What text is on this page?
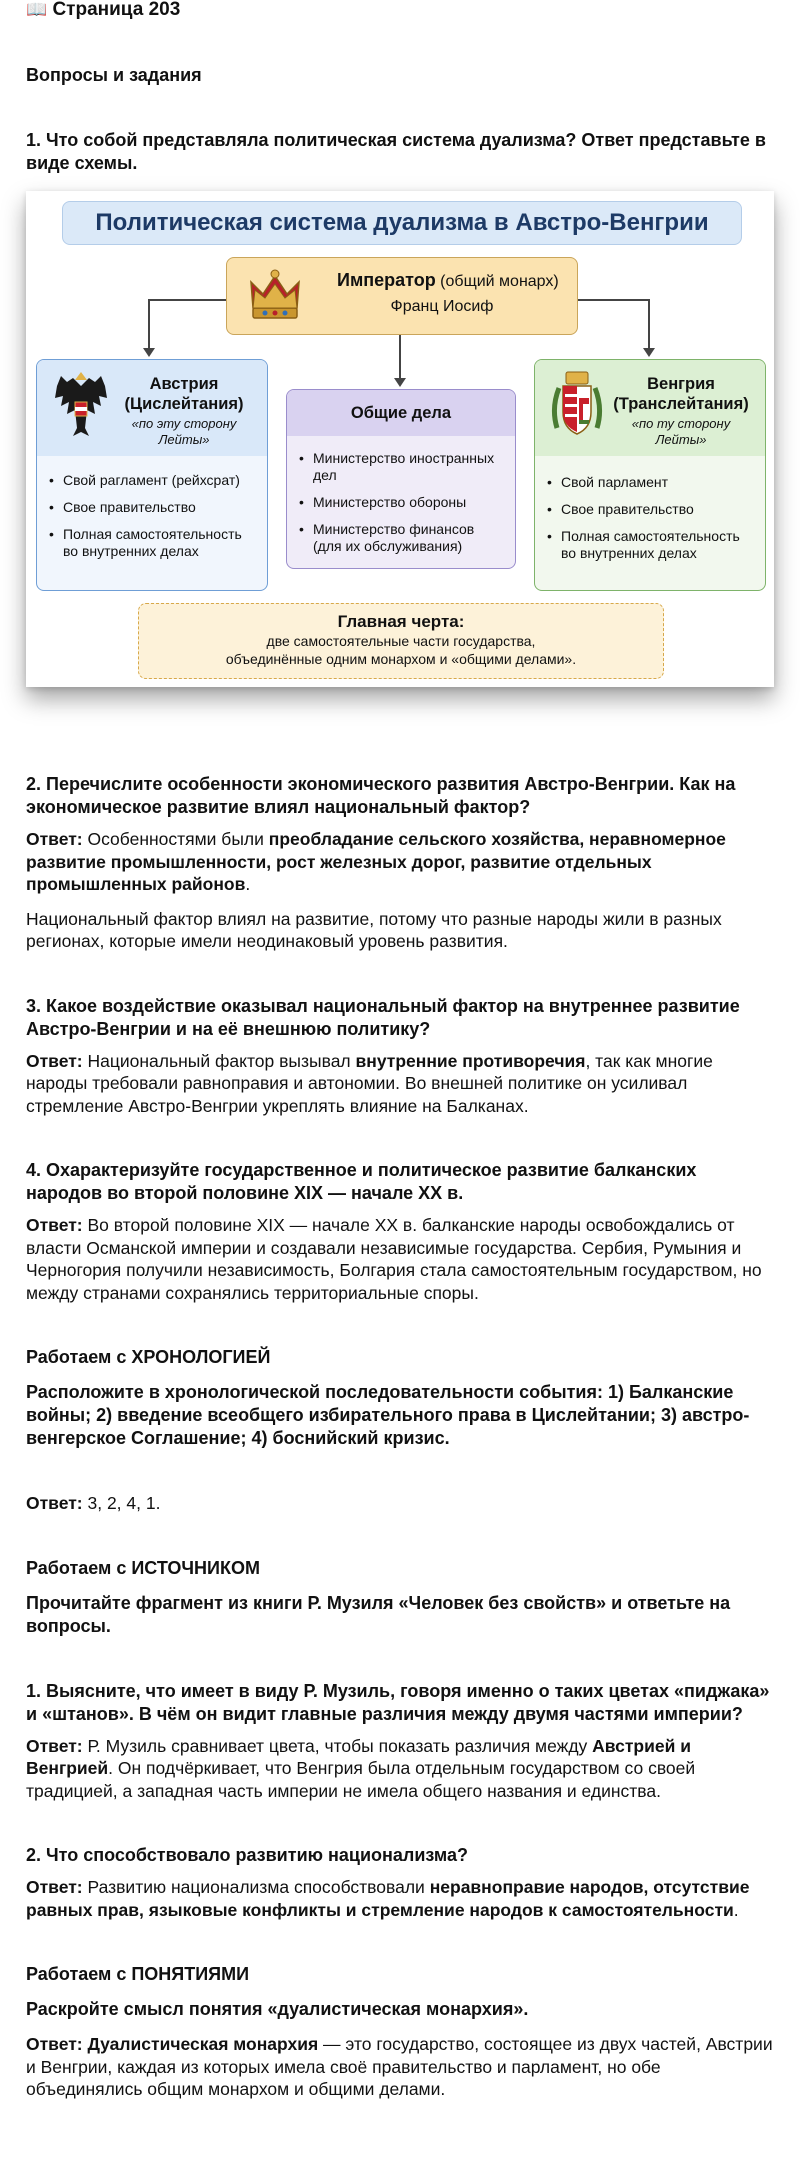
📖 Страница 203
Вопросы и задания
1. Что собой представляла политическая система дуализма? Ответ представьте в виде схемы.
Политическая система дуализма в Австро-Венгрии
Император (общий монарх)
Франц Иосиф
Австрия
(Цислейтания)
«по эту сторону
Лейты»
• Свой рагламент (рейхсрат)
• Свое правительство
• Полная самостоятельность во внутренних делах
Общие дела
• Министерство иностранных дел
• Министерство обороны
• Министерство финансов (для их обслуживания)
Венгрия
(Транслейтания)
«по ту сторону
Лейты»
• Свой парламент
• Свое правительство
• Полная самостоятельность во внутренних делах
Главная черта:
две самостоятельные части государства,
объединённые одним монархом и «общими делами».
2. Перечислите особенности экономического развития Австро-Венгрии. Как на экономическое развитие влиял национальный фактор?

Ответ: Особенностями были преобладание сельского хозяйства, неравномерное развитие промышленности, рост железных дорог, развитие отдельных промышленных районов.

Национальный фактор влиял на развитие, потому что разные народы жили в разных регионах, которые имели неодинаковый уровень развития.

3. Какое воздействие оказывал национальный фактор на внутреннее развитие Австро-Венгрии и на её внешнюю политику?

Ответ: Национальный фактор вызывал внутренние противоречия, так как многие народы требовали равноправия и автономии. Во внешней политике он усиливал стремление Австро-Венгрии укреплять влияние на Балканах.

4. Охарактеризуйте государственное и политическое развитие балканских народов во второй половине XIX — начале XX в.

Ответ: Во второй половине XIX — начале XX в. балканские народы освобождались от власти Османской империи и создавали независимые государства. Сербия, Румыния и Черногория получили независимость, Болгария стала самостоятельным государством, но между странами сохранялись территориальные споры.

Работаем с ХРОНОЛОГИЕЙ
Расположите в хронологической последовательности события: 1) Балканские войны; 2) введение всеобщего избирательного права в Цислейтании; 3) австро-венгерское Соглашение; 4) боснийский кризис.

Ответ: 3, 2, 4, 1.

Работаем с ИСТОЧНИКОМ
Прочитайте фрагмент из книги Р. Музиля «Человек без свойств» и ответьте на вопросы.
1. Выясните, что имеет в виду Р. Музиль, говоря именно о таких цветах «пиджака» и «штанов». В чём он видит главные различия между двумя частями империи?

Ответ: Р. Музиль сравнивает цвета, чтобы показать различия между Австрией и Венгрией. Он подчёркивает, что Венгрия была отдельным государством со своей традицией, а западная часть империи не имела общего названия и единства.

2. Что способствовало развитию национализма?

Ответ: Развитию национализма способствовали неравноправие народов, отсутствие равных прав, языковые конфликты и стремление народов к самостоятельности.

Работаем с ПОНЯТИЯМИ
Раскройте смысл понятия «дуалистическая монархия».

Ответ: Дуалистическая монархия — это государство, состоящее из двух частей, Австрии и Венгрии, каждая из которых имела своё правительство и парламент, но обе объединялись общим монархом и общими делами.
